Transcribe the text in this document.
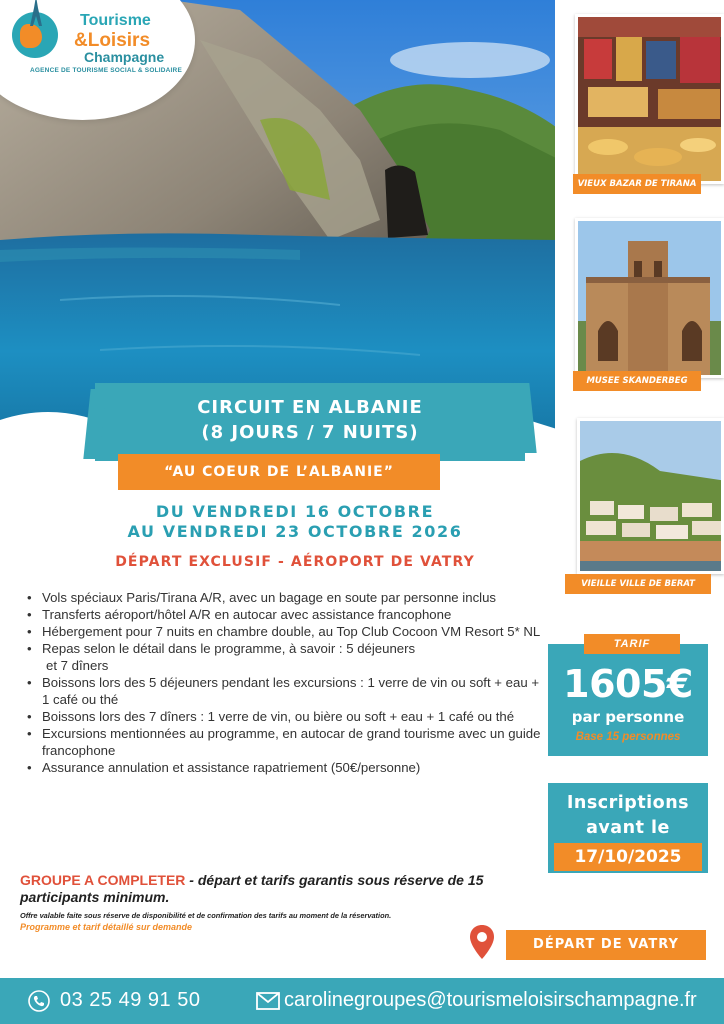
Tourisme
&Loisirs
Champagne
AGENCE DE TOURISME SOCIAL & SOLIDAIRE
VIEUX BAZAR DE TIRANA
MUSEE SKANDERBEG
VIEILLE VILLE DE BERAT
CIRCUIT EN ALBANIE
(8 JOURS / 7 NUITS)
“AU COEUR DE L’ALBANIE”
DU VENDREDI 16 OCTOBRE
AU VENDREDI 23 OCTOBRE 2026
DÉPART EXCLUSIF - AÉROPORT DE VATRY
• Vols spéciaux Paris/Tirana A/R, avec un bagage en soute par personne inclus
• Transferts aéroport/hôtel A/R en autocar avec assistance francophone
• Hébergement pour 7 nuits en chambre double, au Top Club Cocoon VM Resort 5* NL
• Repas selon le détail dans le programme, à savoir : 5 déjeuners
et 7 dîners
• Boissons lors des 5 déjeuners pendant les excursions : 1 verre de vin ou soft + eau + 1 café ou thé
• Boissons lors des 7 dîners : 1 verre de vin, ou bière ou soft + eau + 1 café ou thé
• Excursions mentionnées au programme, en autocar de grand tourisme avec un guide francophone
• Assurance annulation et assistance rapatriement (50€/personne)
1605€
par personne
Base 15 personnes
TARIF
Inscriptions
avant le
17/10/2025
GROUPE A COMPLETER - départ et tarifs garantis sous réserve de 15 participants minimum.
Offre valable faite sous réserve de disponibilité et de confirmation des tarifs au moment de la réservation.
Programme et tarif détaillé sur demande
DÉPART DE VATRY
03 25 49 91 50	carolinegroupes@tourismeloisirschampagne.fr
